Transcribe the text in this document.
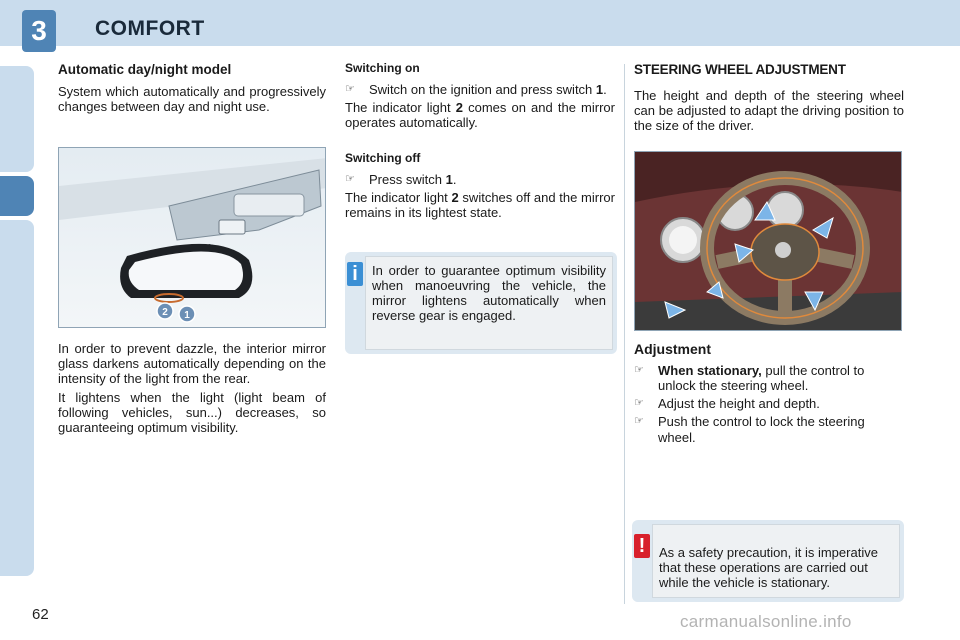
3	COMFORT
62
Automatic day/night model

System which automatically and progressively changes between day and night use.

2 1

In order to prevent dazzle, the interior mirror glass darkens automatically depending on the intensity of the light from the rear.

It lightens when the light (light beam of following vehicles, sun...) decreases, so guaranteeing optimum visibility.

Switching on
☞	Switch on the ignition and press switch 1.

The indicator light 2 comes on and the mirror operates automatically.

Switching off
☞	Press switch 1.

The indicator light 2 switches off and the mirror remains in its lightest state.

i	In order to guarantee optimum visibility when manoeuvring the vehicle, the mirror lightens automatically when reverse gear is engaged.
STEERING WHEEL ADJUSTMENT

The height and depth of the steering wheel can be adjusted to adapt the driving position to the size of the driver.

Adjustment
☞	When stationary, pull the control to unlock the steering wheel.
☞	Adjust the height and depth.
☞	Push the control to lock the steering wheel.
!	As a safety precaution, it is imperative that these operations are carried out while the vehicle is stationary.
carmanualsonline.info
